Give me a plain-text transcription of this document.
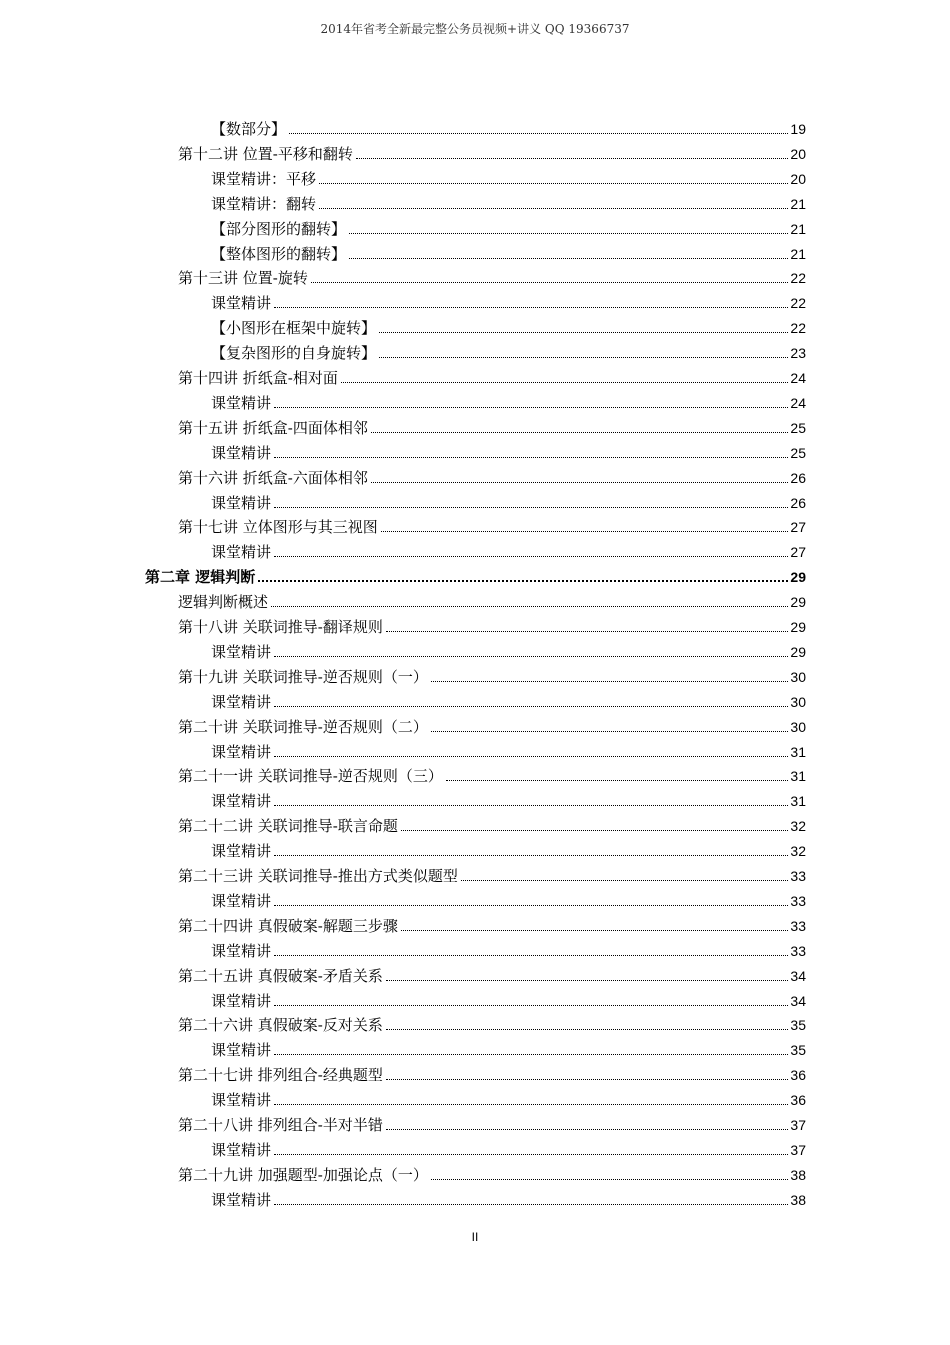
2014年省考全新最完整公务员视频+讲义 QQ 19366737
【数部分】	19
第十二讲 位置-平移和翻转	20
课堂精讲：平移	20
课堂精讲：翻转	21
【部分图形的翻转】	21
【整体图形的翻转】	21
第十三讲 位置-旋转	22
课堂精讲	22
【小图形在框架中旋转】	22
【复杂图形的自身旋转】	23
第十四讲 折纸盒-相对面	24
课堂精讲	24
第十五讲 折纸盒-四面体相邻	25
课堂精讲	25
第十六讲 折纸盒-六面体相邻	26
课堂精讲	26
第十七讲 立体图形与其三视图	27
课堂精讲	27
第二章 逻辑判断	29
逻辑判断概述	29
第十八讲 关联词推导-翻译规则	29
课堂精讲	29
第十九讲 关联词推导-逆否规则（一）	30
课堂精讲	30
第二十讲 关联词推导-逆否规则（二）	30
课堂精讲	31
第二十一讲 关联词推导-逆否规则（三）	31
课堂精讲	31
第二十二讲 关联词推导-联言命题	32
课堂精讲	32
第二十三讲 关联词推导-推出方式类似题型	33
课堂精讲	33
第二十四讲 真假破案-解题三步骤	33
课堂精讲	33
第二十五讲 真假破案-矛盾关系	34
课堂精讲	34
第二十六讲 真假破案-反对关系	35
课堂精讲	35
第二十七讲 排列组合-经典题型	36
课堂精讲	36
第二十八讲 排列组合-半对半错	37
课堂精讲	37
第二十九讲 加强题型-加强论点（一）	38
课堂精讲	38
II
